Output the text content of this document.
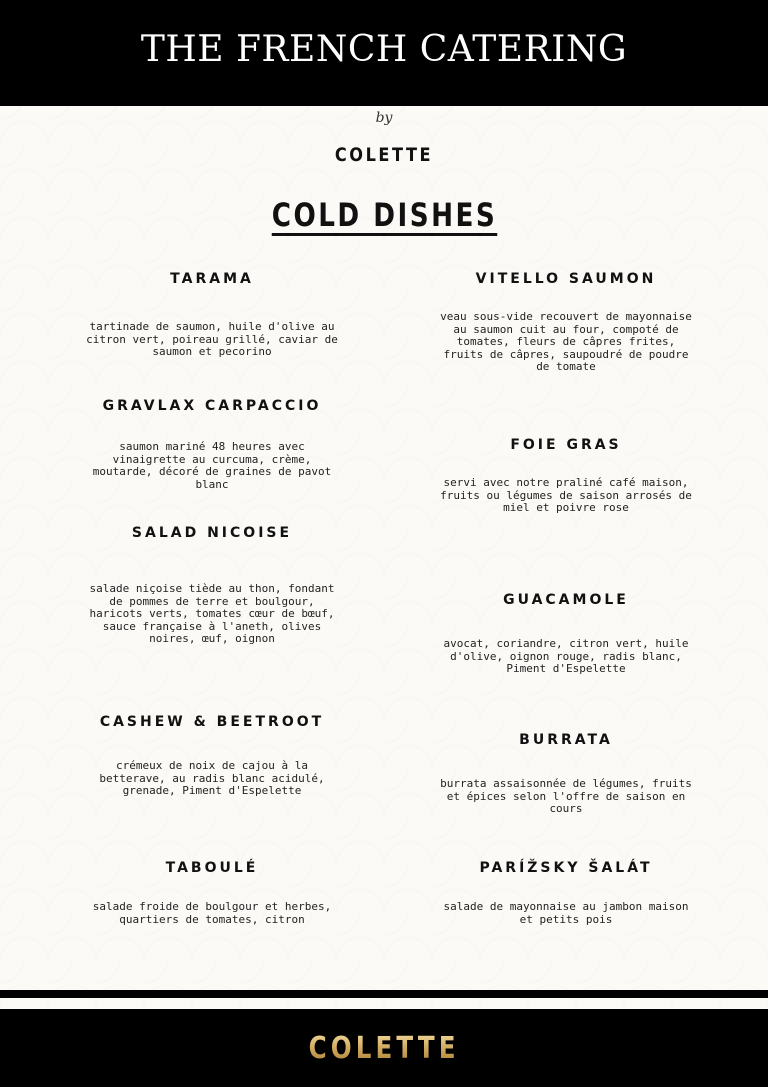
THE FRENCH CATERING
by
COLETTE
COLD DISHES

TARAMA

tartinade de saumon, huile d'olive au citron vert, poireau grillé, caviar de saumon et pecorino

GRAVLAX CARPACCIO

saumon mariné 48 heures avec vinaigrette au curcuma, crème, moutarde, décoré de graines de pavot blanc

SALAD NICOISE

salade niçoise tiède au thon, fondant de pommes de terre et boulgour, haricots verts, tomates cœur de bœuf, sauce française à l'aneth, olives noires, œuf, oignon

CASHEW & BEETROOT

crémeux de noix de cajou à la betterave, au radis blanc acidulé, grenade, Piment d'Espelette

TABOULÉ

salade froide de boulgour et herbes, quartiers de tomates, citron

VITELLO SAUMON

veau sous-vide recouvert de mayonnaise au saumon cuit au four, compoté de tomates, fleurs de câpres frites, fruits de câpres, saupoudré de poudre de tomate

FOIE GRAS

servi avec notre praliné café maison, fruits ou légumes de saison arrosés de miel et poivre rose

GUACAMOLE

avocat, coriandre, citron vert, huile d'olive, oignon rouge, radis blanc, Piment d'Espelette

BURRATA

burrata assaisonnée de légumes, fruits et épices selon l'offre de saison en cours

PARÍŽSKY ŠALÁT

salade de mayonnaise au jambon maison et petits pois

COLETTE
